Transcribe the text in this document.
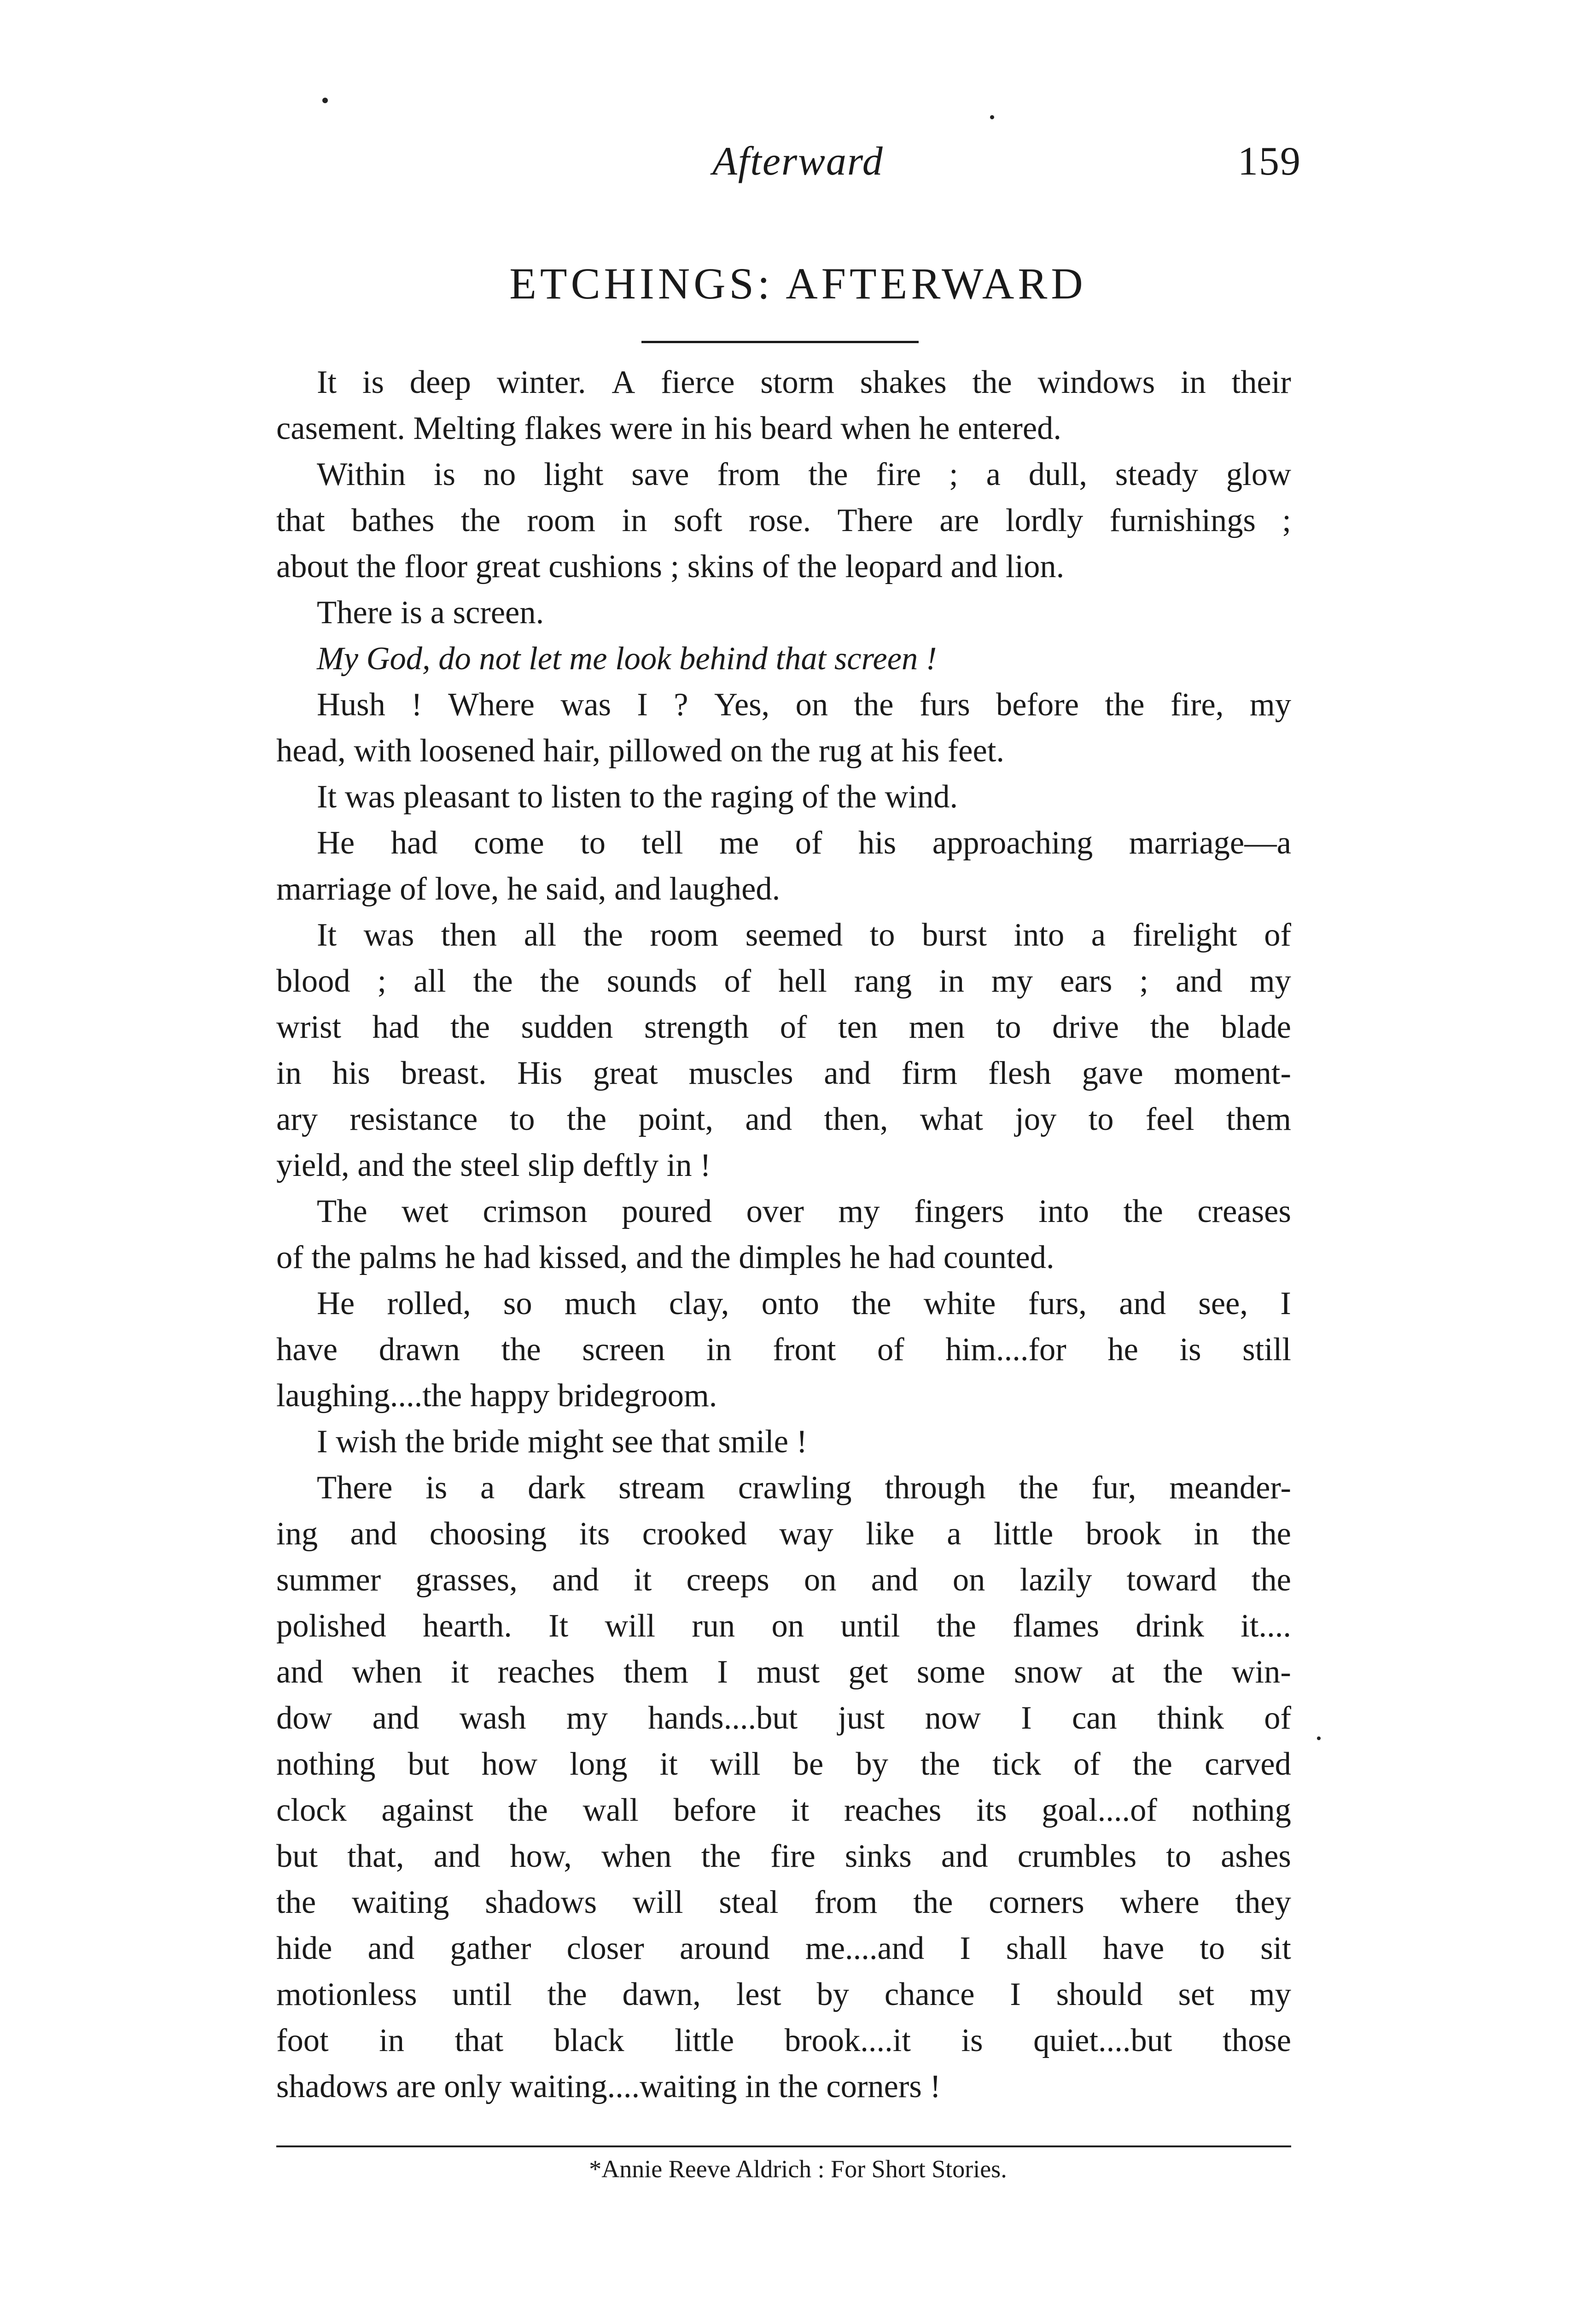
Afterward	159
ETCHINGS: AFTERWARD
It is deep winter. A fierce storm shakes the windows in their
casement. Melting flakes were in his beard when he entered.
Within is no light save from the fire ; a dull, steady glow
that bathes the room in soft rose. There are lordly furnishings ;
about the floor great cushions ; skins of the leopard and lion.
There is a screen.
My God, do not let me look behind that screen !
Hush ! Where was I ? Yes, on the furs before the fire, my
head, with loosened hair, pillowed on the rug at his feet.
It was pleasant to listen to the raging of the wind.
He had come to tell me of his approaching marriage—a
marriage of love, he said, and laughed.
It was then all the room seemed to burst into a firelight of
blood ; all the the sounds of hell rang in my ears ; and my
wrist had the sudden strength of ten men to drive the blade
in his breast. His great muscles and firm flesh gave moment-
ary resistance to the point, and then, what joy to feel them
yield, and the steel slip deftly in !
The wet crimson poured over my fingers into the creases
of the palms he had kissed, and the dimples he had counted.
He rolled, so much clay, onto the white furs, and see, I
have drawn the screen in front of him....for he is still
laughing....the happy bridegroom.
I wish the bride might see that smile !
There is a dark stream crawling through the fur, meander-
ing and choosing its crooked way like a little brook in the
summer grasses, and it creeps on and on lazily toward the
polished hearth. It will run on until the flames drink it....
and when it reaches them I must get some snow at the win-
dow and wash my hands....but just now I can think of
nothing but how long it will be by the tick of the carved
clock against the wall before it reaches its goal....of nothing
but that, and how, when the fire sinks and crumbles to ashes
the waiting shadows will steal from the corners where they
hide and gather closer around me....and I shall have to sit
motionless until the dawn, lest by chance I should set my
foot in that black little brook....it is quiet....but those
shadows are only waiting....waiting in the corners !
*Annie Reeve Aldrich : For Short Stories.
